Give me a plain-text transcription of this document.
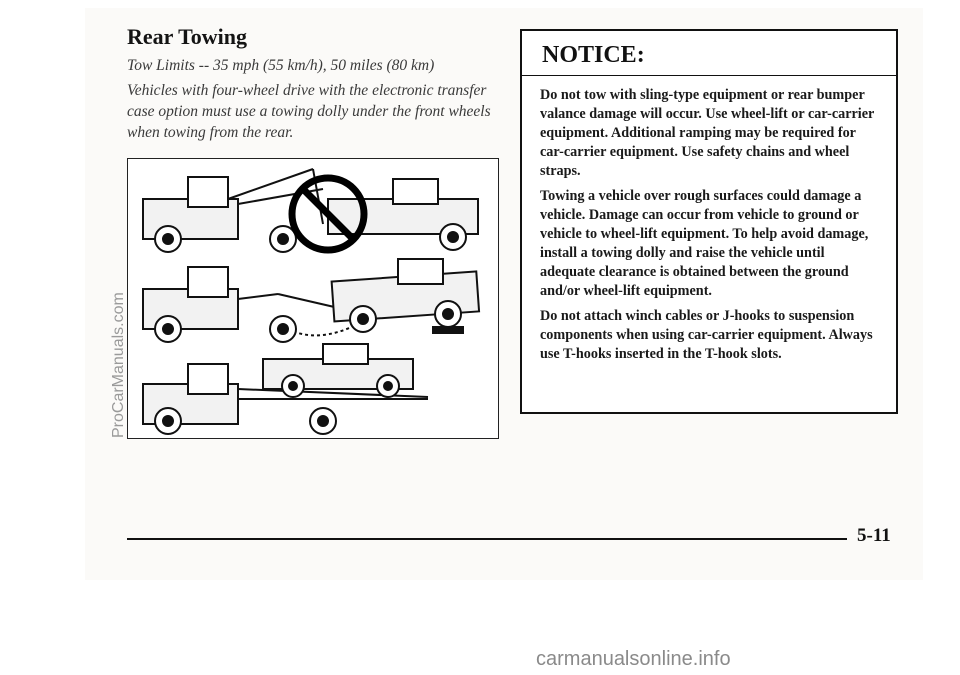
Rear Towing
Tow Limits -- 35 mph (55 km/h), 50 miles (80 km)
Vehicles with four-wheel drive with the electronic transfer case option must use a towing dolly under the front wheels when towing from the rear.
NOTICE:

Do not tow with sling-type equipment or rear bumper valance damage will occur. Use wheel-lift or car-carrier equipment. Additional ramping may be required for car-carrier equipment. Use safety chains and wheel straps.

Towing a vehicle over rough surfaces could damage a vehicle. Damage can occur from vehicle to ground or vehicle to wheel-lift equipment. To help avoid damage, install a towing dolly and raise the vehicle until adequate clearance is obtained between the ground and/or wheel-lift equipment.

Do not attach winch cables or J-hooks to suspension components when using car-carrier equipment. Always use T-hooks inserted in the T-hook slots.

5-11
ProCarManuals.com
carmanualsonline.info
